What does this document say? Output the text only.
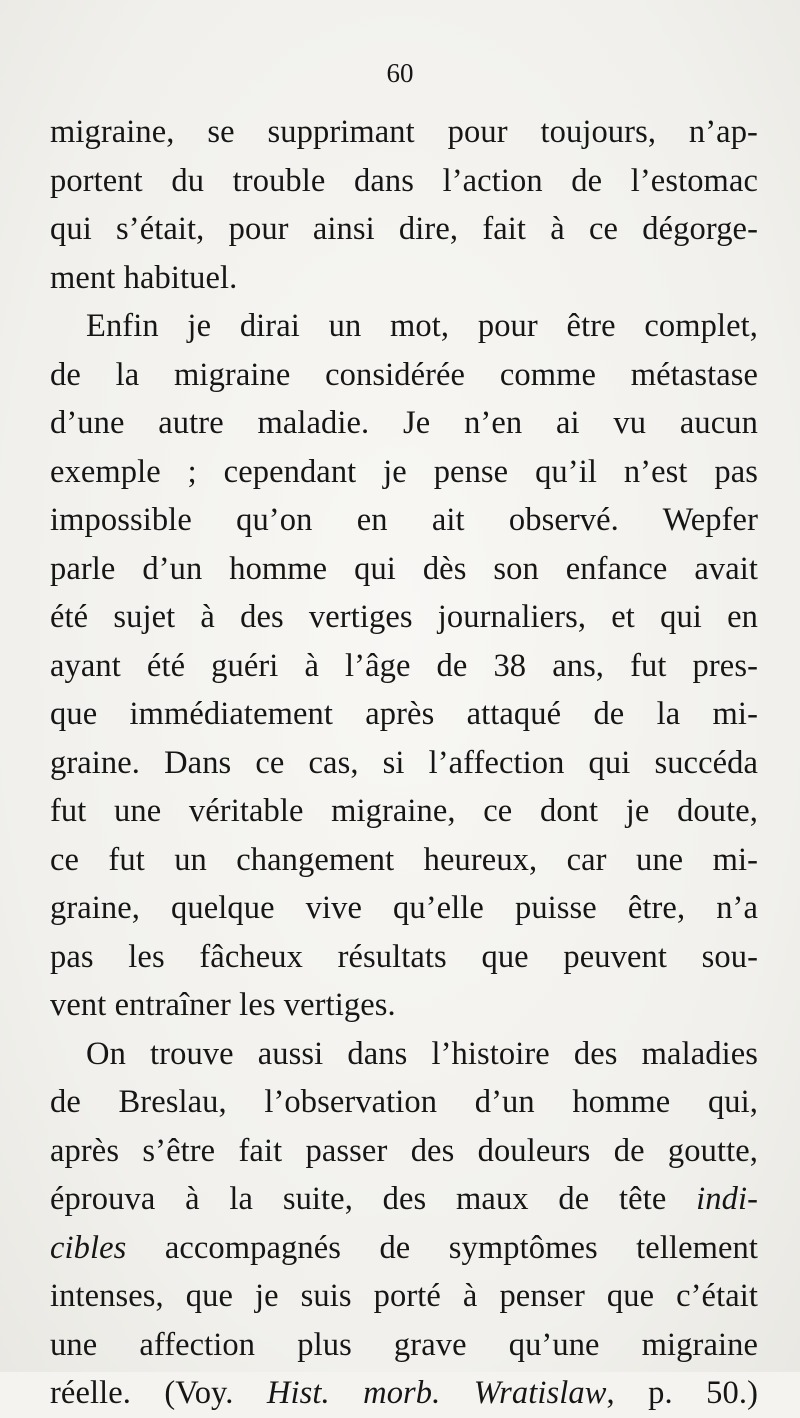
60
migraine, se supprimant pour toujours, n’ap-
portent du trouble dans l’action de l’estomac
qui s’était, pour ainsi dire, fait à ce dégorge-
ment habituel.
Enfin je dirai un mot, pour être complet,
de la migraine considérée comme métastase
d’une autre maladie. Je n’en ai vu aucun
exemple ; cependant je pense qu’il n’est pas
impossible qu’on en ait observé. Wepfer
parle d’un homme qui dès son enfance avait
été sujet à des vertiges journaliers, et qui en
ayant été guéri à l’âge de 38 ans, fut pres-
que immédiatement après attaqué de la mi-
graine. Dans ce cas, si l’affection qui succéda
fut une véritable migraine, ce dont je doute,
ce fut un changement heureux, car une mi-
graine, quelque vive qu’elle puisse être, n’a
pas les fâcheux résultats que peuvent sou-
vent entraîner les vertiges.
On trouve aussi dans l’histoire des maladies
de Breslau, l’observation d’un homme qui,
après s’être fait passer des douleurs de goutte,
éprouva à la suite, des maux de tête indi-
cibles accompagnés de symptômes tellement
intenses, que je suis porté à penser que c’était
une affection plus grave qu’une migraine
réelle. (Voy. Hist. morb. Wratislaw, p. 50.)
